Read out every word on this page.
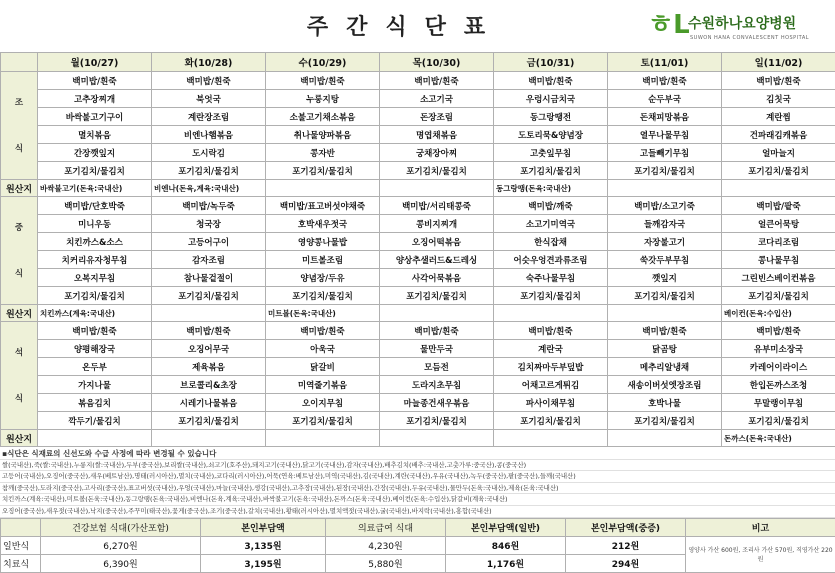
주간식단표	ㅎL
수원하나요양병원
SUWON HANA CONVALESCENT HOSPITAL
	월(10/27)	화(10/28)	수(10/29)	목(10/30)	금(10/31)	토(11/01)	일(11/02)
조
식	백미밥/흰죽	백미밥/흰죽	백미밥/흰죽	백미밥/흰죽	백미밥/흰죽	백미밥/흰죽	백미밥/흰죽
	고추장찌개	북엇국	누룽지탕	소고기국	우렁시금치국	순두부국	김칫국
	바싹불고기구이	계란장조림	소불고기채소볶음	돈장조림	동그랑땡전	돈채피망볶음	계란찜
	멸치볶음	비엔나햄볶음	취나물양파볶음	명엽채볶음	도토리묵&양념장	열무나물무침	건파래김캐볶음
	간장깻잎지	도시락김	콩자반	궁채장아찌	고춧잎무침	고들빼기무침	얼마늘지
	포기김치/물김치	포기김치/물김치	포기김치/물김치	포기김치/물김치	포기김치/물김치	포기김치/물김치	포기김치/물김치
원산지	바싹불고기(돈육:국내산)	비엔나(돈육,계육:국내산)			동그랑땡(돈육:국내산)		
중
식	백미밥/단호박죽	백미밥/녹두죽	백미밥/표고버섯야채죽	백미밥/서리태콩죽	백미밥/깨죽	백미밥/소고기죽	백미밥/팥죽
	미니우동	청국장	호박새우젓국	콩비지찌개	소고기미역국	들깨감자국	얼큰어묵탕
	치킨까스&소스	고등어구이	영양콩나물밥	오징어떡볶음	한식잡채	자장불고기	코다리조림
	치커리유자청무침	감자조림	미트볼조림	양상추샐러드&드레싱	어슷우엉견과류조림	쑥갓두부무침	콩나물무침
	오복지무침	참나물겉절이	양념장/두유	사각어묵볶음	숙주나물무침	깻잎지	그린빈스베이컨볶음
	포기김치/물김치	포기김치/물김치	포기김치/물김치	포기김치/물김치	포기김치/물김치	포기김치/물김치	포기김치/물김치
원산지	치킨까스(계육:국내산)		미트볼(돈육:국내산)				베이컨(돈육:수입산)
석
식	백미밥/흰죽	백미밥/흰죽	백미밥/흰죽	백미밥/흰죽	백미밥/흰죽	백미밥/흰죽	백미밥/흰죽
	양평해장국	오징어무국	아욱국	물만두국	계란국	닭곰탕	유부미소장국
	온두부	제육볶음	닭갈비	모듬전	김치짜마두부덮밥	메추리알냉채	카레어이라이스
	가지나물	브로콜리&초장	미역줄기볶음	도라지초무침	어채고르게튀김	새송이버섯엣장조림	한입돈까스조청
	볶음김치	시레기나물볶음	오이지무침	마늘종건새우볶음	파사이채무침	호박나물	무말랭이무침
	깍두기/물김치	포기김치/물김치	포기김치/물김치	포기김치/물김치	포기김치/물김치	포기김치/물김치	포기김치/물김치
원산지							돈까스(돈육:국내산)
▪식단은 식재료의 신선도와 수급 사정에 따라 변경될 수 있습니다
쌀(국내산),죽(쌀:국내산),누룽지(쌀:국내산),두부(중국산),보리쌀(국내산),쇠고기(호주산),돼지고기(국내산),닭고기(국내산),감자(국내산),배추김치(배추:국내산,고춧가루:중국산),콩(중국산)
고등어(국내산),오징어(중국산),새우(베트남산),명태(러시아산),멸치(국내산),코다리(러시아산),어묵(연육:베트남산),미역(국내산),김(국내산),계란(국내산),우유(국내산),녹두(중국산),팥(중국산),들깨(국내산)
참깨(중국산),도라지(중국산),고사리(중국산),표고버섯(국내산),우엉(국내산),마늘(국내산),생강(국내산),고추장(국내산),된장(국내산),간장(국내산),두유(국내산),물만두(돈육:국내산),제육(돈육:국내산)
치킨까스(계육:국내산),미트볼(돈육:국내산),동그랑땡(돈육:국내산),비엔나(돈육,계육:국내산),바싹불고기(돈육:국내산),돈까스(돈육:국내산),베이컨(돈육:수입산),닭갈비(계육:국내산)
오징어(중국산),새우젓(국내산),낙지(중국산),주꾸미(태국산),꽃게(중국산),조기(중국산),갈치(국내산),황태(러시아산),멸치액젓(국내산),굴(국내산),바지락(국내산),홍합(국내산)
	건강보험 식대(가산포함)	본인부담액	의료급여 식대	본인부담액(일반)	본인부담액(중증)	비고
일반식	6,270원	3,135원	4,230원	846원	212원	영양사 가산 600원, 조리사 가산 570원, 직영가산 220원
치료식	6,390원	3,195원	5,880원	1,176원	294원	
